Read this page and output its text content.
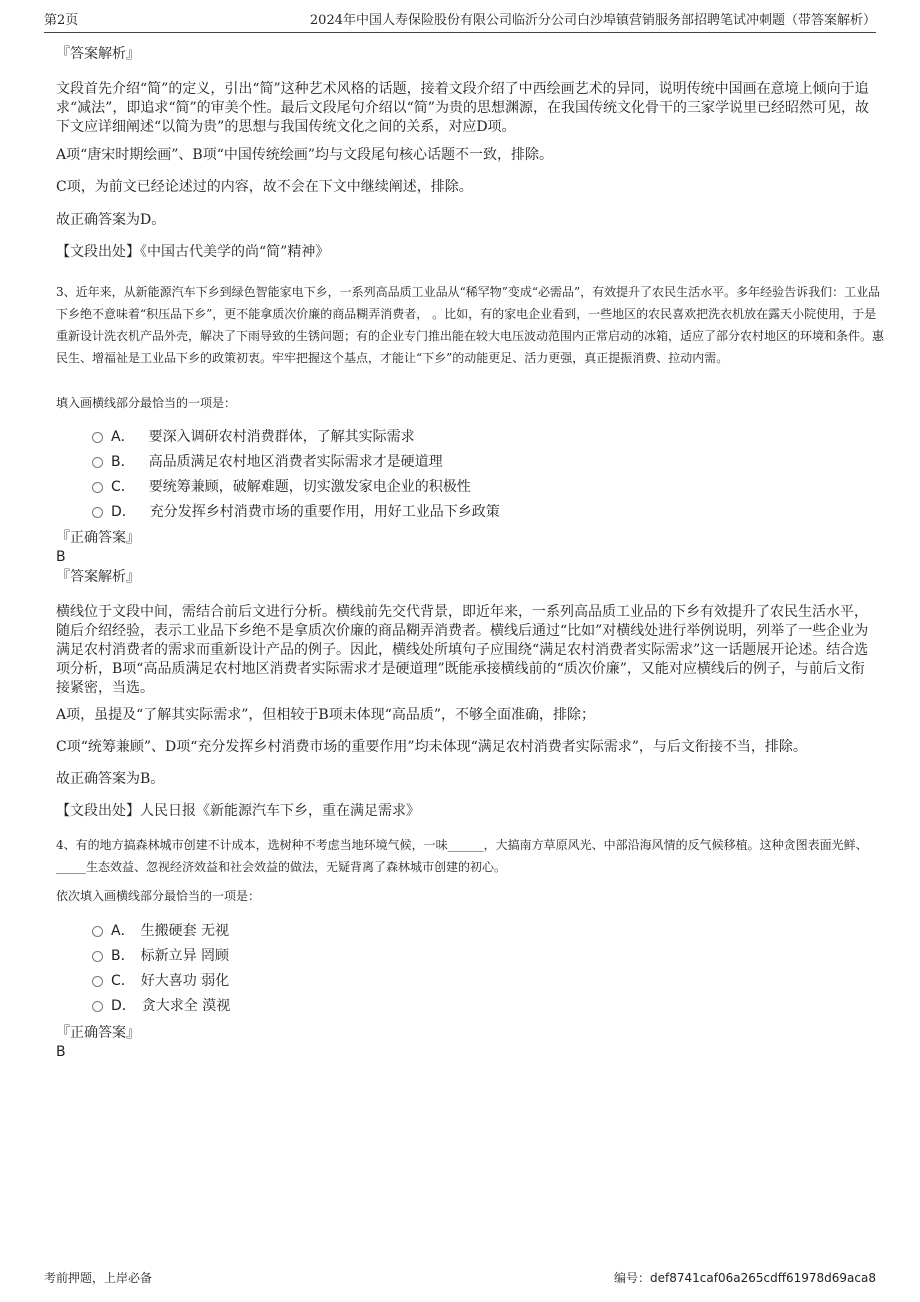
第2页	2024年中国人寿保险股份有限公司临沂分公司白沙埠镇营销服务部招聘笔试冲刺题（带答案解析）
『答案解析』
文段首先介绍“简”的定义，引出“简”这种艺术风格的话题，接着文段介绍了中西绘画艺术的异同，说明传统中国画在意境上倾向于追求“减法”，即追求“简”的审美个性。最后文段尾句介绍以“简”为贵的思想渊源，在我国传统文化骨干的三家学说里已经昭然可见，故下文应详细阐述“以简为贵”的思想与我国传统文化之间的关系，对应D项。
A项“唐宋时期绘画”、B项“中国传统绘画”均与文段尾句核心话题不一致，排除。
C项，为前文已经论述过的内容，故不会在下文中继续阐述，排除。
故正确答案为D。
【文段出处】《中国古代美学的尚“简”精神》
3、近年来，从新能源汽车下乡到绿色智能家电下乡，一系列高品质工业品从“稀罕物”变成“必需品”，有效提升了农民生活水平。多年经验告诉我们：工业品下乡绝不意味着“积压品下乡”，更不能拿质次价廉的商品糊弄消费者， 。比如，有的家电企业看到，一些地区的农民喜欢把洗衣机放在露天小院使用，于是重新设计洗衣机产品外壳，解决了下雨导致的生锈问题；有的企业专门推出能在较大电压波动范围内正常启动的冰箱，适应了部分农村地区的环境和条件。惠民生、增福祉是工业品下乡的政策初衷。牢牢把握这个基点，才能让“下乡”的动能更足、活力更强，真正提振消费、拉动内需。
填入画横线部分最恰当的一项是：
A． 要深入调研农村消费群体，了解其实际需求
B． 高品质满足农村地区消费者实际需求才是硬道理
C． 要统筹兼顾，破解难题，切实激发家电企业的积极性
D． 充分发挥乡村消费市场的重要作用，用好工业品下乡政策
『正确答案』
B
『答案解析』
横线位于文段中间，需结合前后文进行分析。横线前先交代背景，即近年来，一系列高品质工业品的下乡有效提升了农民生活水平，随后介绍经验，表示工业品下乡绝不是拿质次价廉的商品糊弄消费者。横线后通过“比如”对横线处进行举例说明，列举了一些企业为满足农村消费者的需求而重新设计产品的例子。因此，横线处所填句子应围绕“满足农村消费者实际需求”这一话题展开论述。结合选项分析，B项“高品质满足农村地区消费者实际需求才是硬道理”既能承接横线前的“质次价廉”，又能对应横线后的例子，与前后文衔接紧密，当选。
A项，虽提及“了解其实际需求”，但相较于B项未体现“高品质”，不够全面准确，排除；
C项“统筹兼顾”、D项“充分发挥乡村消费市场的重要作用”均未体现“满足农村消费者实际需求”，与后文衔接不当，排除。
故正确答案为B。
【文段出处】人民日报《新能源汽车下乡，重在满足需求》
4、有的地方搞森林城市创建不计成本，选树种不考虑当地环境气候，一味______，大搞南方草原风光、中部沿海风情的反气候移植。这种贪图表面光鲜、_____生态效益、忽视经济效益和社会效益的做法，无疑背离了森林城市创建的初心。
依次填入画横线部分最恰当的一项是：
A． 生搬硬套 无视
B． 标新立异 罔顾
C． 好大喜功 弱化
D． 贪大求全 漠视
『正确答案』
B
考前押题，上岸必备	编号：def8741caf06a265cdff61978d69aca8
